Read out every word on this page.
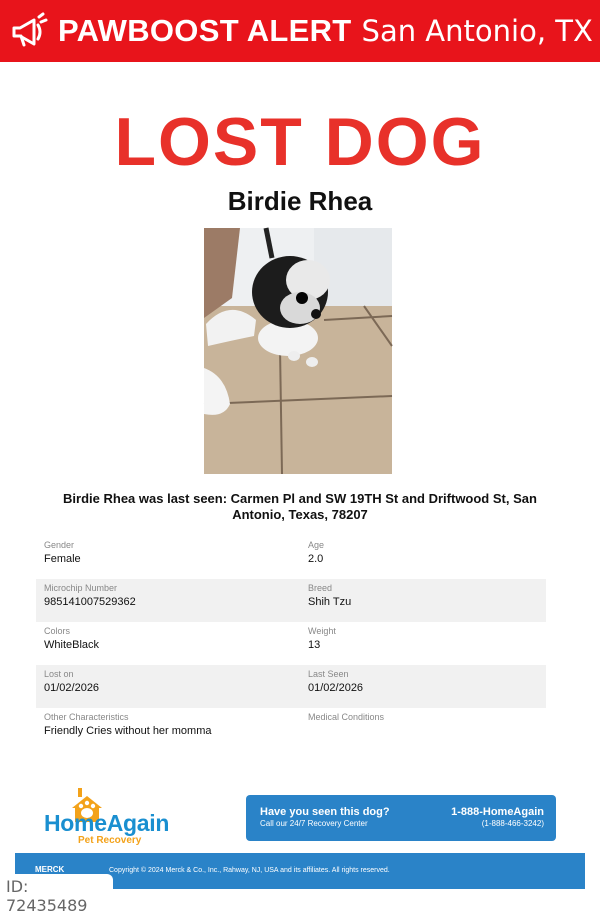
PAWBOOST ALERT San Antonio, TX
LOST DOG
Birdie Rhea
Birdie Rhea was last seen: Carmen Pl and SW 19TH St and Driftwood St, San Antonio, Texas, 78207
Gender
Female
Age
2.0
Microchip Number
985141007529362
Breed
Shih Tzu
Colors
WhiteBlack
Weight
13
Lost on
01/02/2026
Last Seen
01/02/2026
Other Characteristics
Friendly Cries without her momma
Medical Conditions
HomeAgain
Pet Recovery
Have you seen this dog?
Call our 24/7 Recovery Center
1-888-HomeAgain
(1-888-466-3242)
MERCK	Copyright © 2024 Merck & Co., Inc., Rahway, NJ, USA and its affiliates. All rights reserved.
ID: 72435489
